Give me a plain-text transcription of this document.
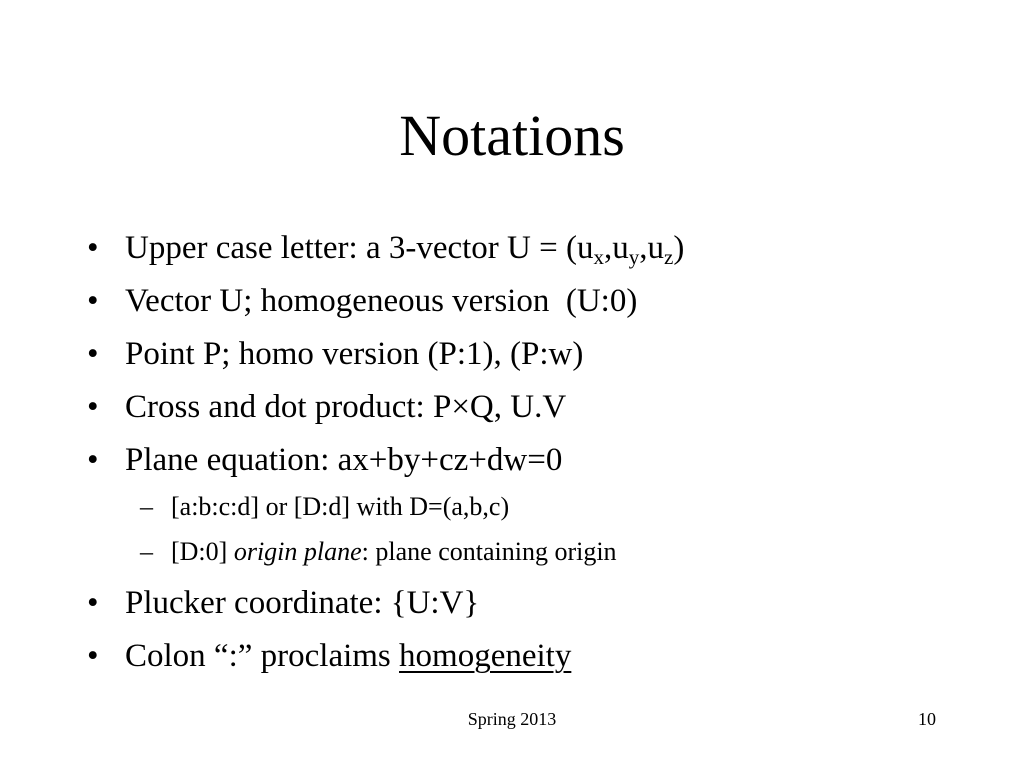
Notations
• Upper case letter: a 3-vector $U = (u_x,u_y,u_z)$
• Vector U; homogeneous version  (U:0)
• Point P; homo version (P:1), (P:w)
• Cross and dot product: P×Q, U.V
• Plane equation: ax+by+cz+dw=0
– [a:b:c:d] or [D:d] with D=(a,b,c)
– [D:0] origin plane: plane containing origin
• Plucker coordinate: {U:V}
• Colon “:” proclaims homogeneity
Spring 2013	10
